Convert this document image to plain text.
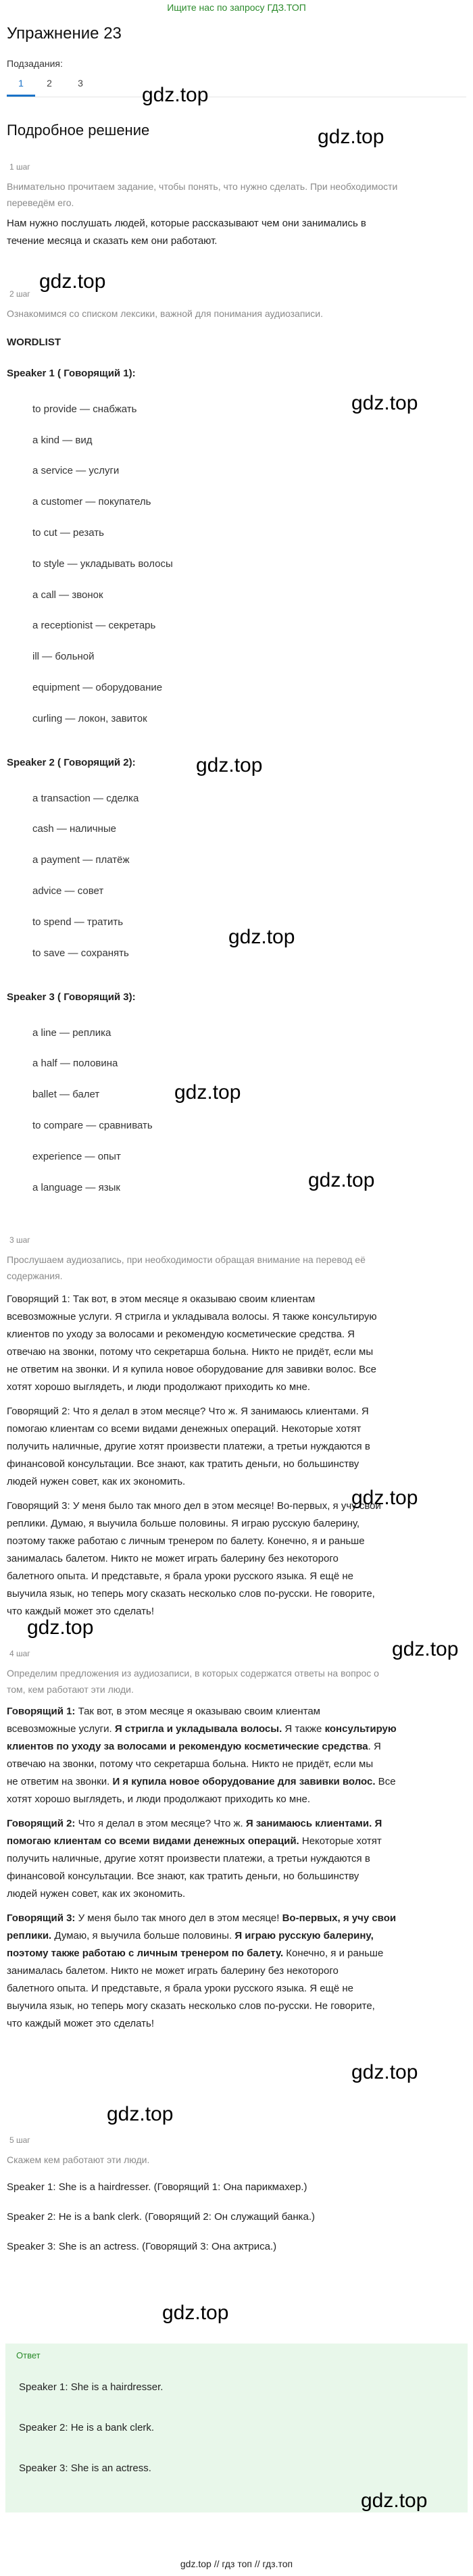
Ищите нас по запросу ГДЗ.ТОП
Упражнение 23
Подзадания:
1	2	3
Подробное решение
1 шаг
Внимательно прочитаем задание, чтобы понять, что нужно сделать. При необходимости
переведём его.
Нам нужно послушать людей, которые рассказывают чем они занимались в
течение месяца и сказать кем они работают.
2 шаг
Ознакомимся со списком лексики, важной для понимания аудиозаписи.
WORDLIST
Speaker 1 ( Говорящий 1):
to provide — снабжать
a kind — вид
a service — услуги
a customer — покупатель
to cut — резать
to style — укладывать волосы
a call — звонок
a receptionist — секретарь
ill — больной
equipment — оборудование
curling — локон, завиток
Speaker 2 ( Говорящий 2):
a transaction — сделка
cash — наличные
a payment — платёж
advice — совет
to spend — тратить
to save — сохранять
Speaker 3 ( Говорящий 3):
a line — реплика
a half — половина
ballet — балет
to compare — сравнивать
experience — опыт
a language — язык
3 шаг
Прослушаем аудиозапись, при необходимости обращая внимание на перевод её
содержания.
Говорящий 1: Так вот, в этом месяце я оказываю своим клиентам
всевозможные услуги. Я стригла и укладывала волосы. Я также консультирую
клиентов по уходу за волосами и рекомендую косметические средства. Я
отвечаю на звонки, потому что секретарша больна. Никто не придёт, если мы
не ответим на звонки. И я купила новое оборудование для завивки волос. Все
хотят хорошо выглядеть, и люди продолжают приходить ко мне.
Говорящий 2: Что я делал в этом месяце? Что ж. Я занимаюсь клиентами. Я
помогаю клиентам со всеми видами денежных операций. Некоторые хотят
получить наличные, другие хотят произвести платежи, а третьи нуждаются в
финансовой консультации. Все знают, как тратить деньги, но большинству
людей нужен совет, как их экономить.
Говорящий 3: У меня было так много дел в этом месяце! Во-первых, я учу свои
реплики. Думаю, я выучила больше половины. Я играю русскую балерину,
поэтому также работаю с личным тренером по балету. Конечно, я и раньше
занималась балетом. Никто не может играть балерину без некоторого
балетного опыта. И представьте, я брала уроки русского языка. Я ещё не
выучила язык, но теперь могу сказать несколько слов по-русски. Не говорите,
что каждый может это сделать!
4 шаг
Определим предложения из аудиозаписи, в которых содержатся ответы на вопрос о
том, кем работают эти люди.
Говорящий 1: Так вот, в этом месяце я оказываю своим клиентам
всевозможные услуги. Я стригла и укладывала волосы. Я также консультирую
клиентов по уходу за волосами и рекомендую косметические средства. Я
отвечаю на звонки, потому что секретарша больна. Никто не придёт, если мы
не ответим на звонки. И я купила новое оборудование для завивки волос. Все
хотят хорошо выглядеть, и люди продолжают приходить ко мне.
Говорящий 2: Что я делал в этом месяце? Что ж. Я занимаюсь клиентами. Я
помогаю клиентам со всеми видами денежных операций. Некоторые хотят
получить наличные, другие хотят произвести платежи, а третьи нуждаются в
финансовой консультации. Все знают, как тратить деньги, но большинству
людей нужен совет, как их экономить.
Говорящий 3: У меня было так много дел в этом месяце! Во-первых, я учу свои
реплики. Думаю, я выучила больше половины. Я играю русскую балерину,
поэтому также работаю с личным тренером по балету. Конечно, я и раньше
занималась балетом. Никто не может играть балерину без некоторого
балетного опыта. И представьте, я брала уроки русского языка. Я ещё не
выучила язык, но теперь могу сказать несколько слов по-русски. Не говорите,
что каждый может это сделать!
5 шаг
Скажем кем работают эти люди.
Speaker 1: She is a hairdresser. (Говорящий 1: Она парикмахер.)
Speaker 2: He is a bank clerk. (Говорящий 2: Он служащий банка.)
Speaker 3: She is an actress. (Говорящий 3: Она актриса.)
Ответ
Speaker 1: She is a hairdresser.
Speaker 2: He is a bank clerk.
Speaker 3: She is an actress.
gdz.top
gdz.top
gdz.top
gdz.top
gdz.top
gdz.top
gdz.top
gdz.top
gdz.top
gdz.top
gdz.top
gdz.top
gdz.top
gdz.top
gdz.top
gdz.top // гдз топ // гдз.топ
